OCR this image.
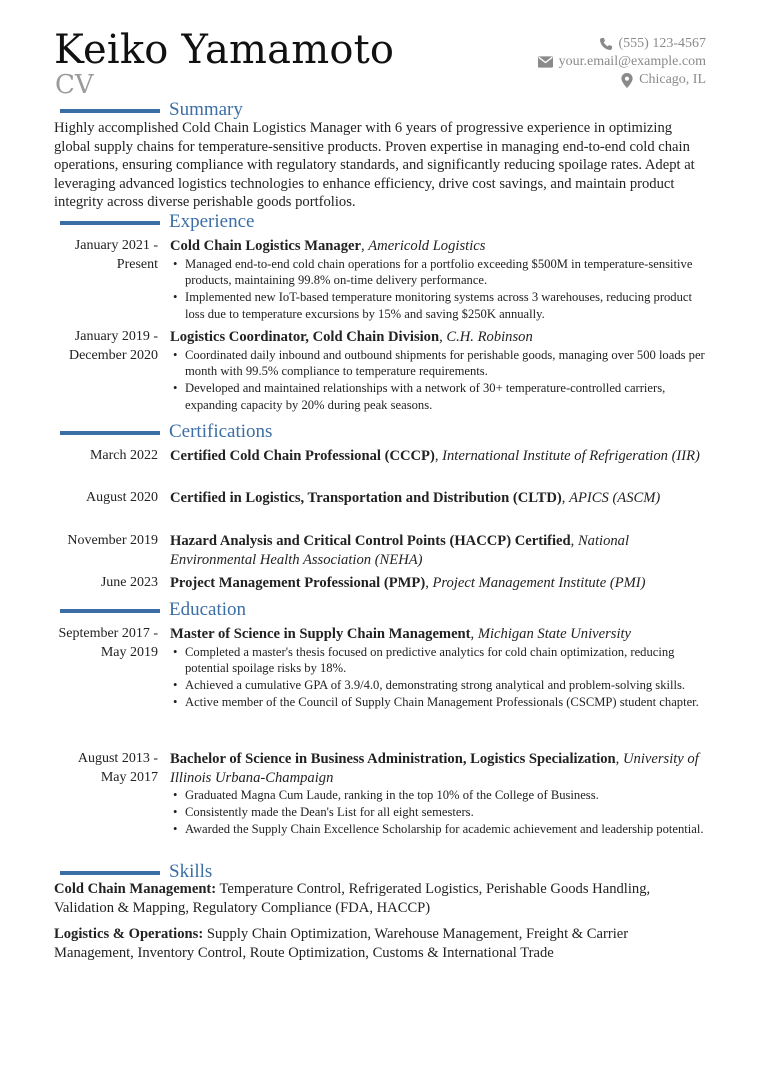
Keiko Yamamoto
CV
(555) 123-4567
your.email@example.com
Chicago, IL
Summary
Highly accomplished Cold Chain Logistics Manager with 6 years of progressive experience in optimizing global supply chains for temperature-sensitive products. Proven expertise in managing end-to-end cold chain operations, ensuring compliance with regulatory standards, and significantly reducing spoilage rates. Adept at leveraging advanced logistics technologies to enhance efficiency, drive cost savings, and maintain product integrity across diverse perishable goods portfolios.
Experience
January 2021 - Present
Cold Chain Logistics Manager, Americold Logistics
• Managed end-to-end cold chain operations for a portfolio exceeding $500M in temperature-sensitive products, maintaining 99.8% on-time delivery performance.
• Implemented new IoT-based temperature monitoring systems across 3 warehouses, reducing product loss due to temperature excursions by 15% and saving $250K annually.
January 2019 - December 2020
Logistics Coordinator, Cold Chain Division, C.H. Robinson
• Coordinated daily inbound and outbound shipments for perishable goods, managing over 500 loads per month with 99.5% compliance to temperature requirements.
• Developed and maintained relationships with a network of 30+ temperature-controlled carriers, expanding capacity by 20% during peak seasons.
Certifications
March 2022 Certified Cold Chain Professional (CCCP), International Institute of Refrigeration (IIR)
August 2020 Certified in Logistics, Transportation and Distribution (CLTD), APICS (ASCM)
November 2019 Hazard Analysis and Critical Control Points (HACCP) Certified, National Environmental Health Association (NEHA)
June 2023 Project Management Professional (PMP), Project Management Institute (PMI)
Education
September 2017 - May 2019
Master of Science in Supply Chain Management, Michigan State University
• Completed a master's thesis focused on predictive analytics for cold chain optimization, reducing potential spoilage risks by 18%.
• Achieved a cumulative GPA of 3.9/4.0, demonstrating strong analytical and problem-solving skills.
• Active member of the Council of Supply Chain Management Professionals (CSCMP) student chapter.
August 2013 - May 2017
Bachelor of Science in Business Administration, Logistics Specialization, University of Illinois Urbana-Champaign
• Graduated Magna Cum Laude, ranking in the top 10% of the College of Business.
• Consistently made the Dean's List for all eight semesters.
• Awarded the Supply Chain Excellence Scholarship for academic achievement and leadership potential.
Skills
Cold Chain Management: Temperature Control, Refrigerated Logistics, Perishable Goods Handling, Validation & Mapping, Regulatory Compliance (FDA, HACCP)
Logistics & Operations: Supply Chain Optimization, Warehouse Management, Freight & Carrier Management, Inventory Control, Route Optimization, Customs & International Trade
